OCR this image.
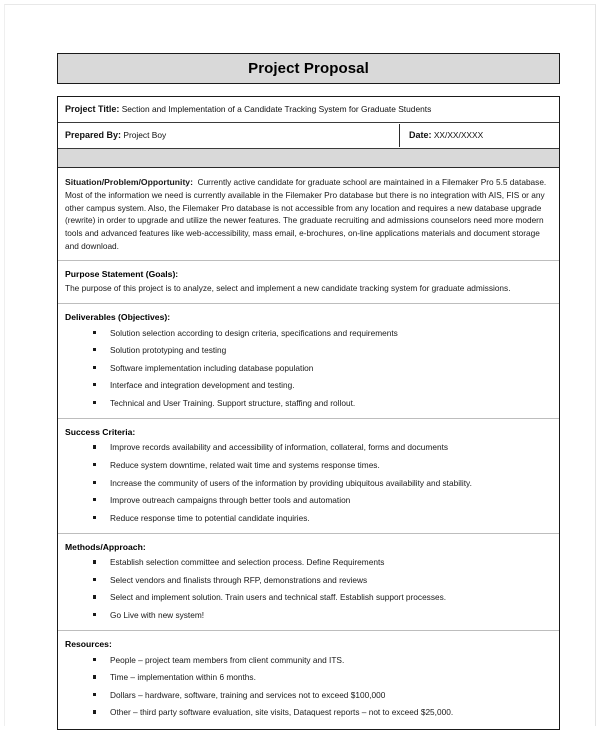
Project Proposal
Project Title: Section and Implementation of a Candidate Tracking System for Graduate Students
Prepared By: Project Boy	Date: XX/XX/XXXX

Situation/Problem/Opportunity: Currently active candidate for graduate school are maintained in a Filemaker Pro 5.5 database. Most of the information we need is currently available in the Filemaker Pro database but there is no integration with AIS, FIS or any other campus system. Also, the Filemaker Pro database is not accessible from any location and requires a new database upgrade (rewrite) in order to upgrade and utilize the newer features. The graduate recruiting and admissions counselors need more modern tools and advanced features like web-accessibility, mass email, e-brochures, on-line applications materials and document storage and download.

Purpose Statement (Goals):

The purpose of this project is to analyze, select and implement a new candidate tracking system for graduate admissions.

Deliverables (Objectives):
Solution selection according to design criteria, specifications and requirements
Solution prototyping and testing
Software implementation including database population
Interface and integration development and testing.
Technical and User Training. Support structure, staffing and rollout.
Success Criteria:
Improve records availability and accessibility of information, collateral, forms and documents
Reduce system downtime, related wait time and systems response times.
Increase the community of users of the information by providing ubiquitous availability and stability.
Improve outreach campaigns through better tools and automation
Reduce response time to potential candidate inquiries.
Methods/Approach:
Establish selection committee and selection process. Define Requirements
Select vendors and finalists through RFP, demonstrations and reviews
Select and implement solution. Train users and technical staff. Establish support processes.
Go Live with new system!
Resources:
People – project team members from client community and ITS.
Time – implementation within 6 months.
Dollars – hardware, software, training and services not to exceed $100,000
Other – third party software evaluation, site visits, Dataquest reports – not to exceed $25,000.
